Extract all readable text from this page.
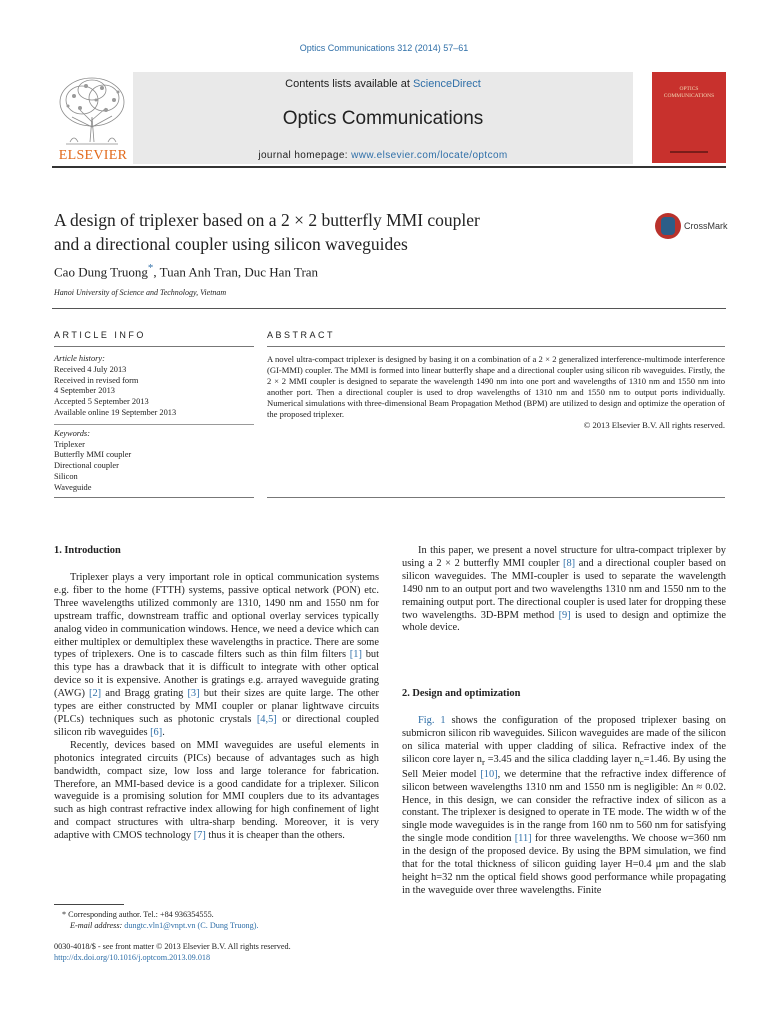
Optics Communications 312 (2014) 57–61
ELSEVIER
Contents lists available at ScienceDirect
Optics Communications
journal homepage: www.elsevier.com/locate/optcom
OPTICS
COMMUNICATIONS
A design of triplexer based on a 2 × 2 butterfly MMI coupler
and a directional coupler using silicon waveguides
CrossMark
Cao Dung Truong*, Tuan Anh Tran, Duc Han Tran
Hanoi University of Science and Technology, Vietnam
ARTICLE INFO
Article history:
Received 4 July 2013
Received in revised form
4 September 2013
Accepted 5 September 2013
Available online 19 September 2013
Keywords:
Triplexer
Butterfly MMI coupler
Directional coupler
Silicon
Waveguide
ABSTRACT
A novel ultra-compact triplexer is designed by basing it on a combination of a 2 × 2 generalized interference-multimode interference (GI-MMI) coupler. The MMI is formed into linear butterfly shape and a directional coupler using silicon rib waveguides. Firstly, the 2 × 2 MMI coupler is designed to separate the wavelength 1490 nm into one port and wavelengths of 1310 nm and 1550 nm into another port. Then a directional coupler is used to drop wavelengths of 1310 nm and 1550 nm to output ports individually. Numerical simulations with three-dimensional Beam Propagation Method (BPM) are utilized to design and optimize the operation of the proposed triplexer.
© 2013 Elsevier B.V. All rights reserved.
1. Introduction

Triplexer plays a very important role in optical communication systems e.g. fiber to the home (FTTH) systems, passive optical network (PON) etc. Three wavelengths utilized commonly are 1310, 1490 nm and 1550 nm for upstream traffic, downstream traffic and optional overlay services typically analog video in communication windows. Hence, we need a device which can either multiplex or demultiplex these wavelengths in practice. There are some types of triplexers. One is to cascade filters such as thin film filters [1] but this type has a drawback that it is difficult to integrate with other optical device so it is expensive. Another is gratings e.g. arrayed waveguide grating (AWG) [2] and Bragg grating [3] but their sizes are quite large. The other types are either constructed by MMI coupler or planar lightwave circuits (PLCs) techniques such as photonic crystals [4,5] or directional coupled silicon rib waveguides [6].

Recently, devices based on MMI waveguides are useful elements in photonics integrated circuits (PICs) because of advantages such as high bandwidth, compact size, low loss and large tolerance for fabrication. Therefore, an MMI-based device is a good candidate for a triplexer. Silicon waveguide is a promising solution for MMI couplers due to its advantages such as high contrast refractive index allowing for high confinement of light and compact structures with ultra-sharp bending. Moreover, it is very adaptive with CMOS technology [7] thus it is cheaper than the others.

In this paper, we present a novel structure for ultra-compact triplexer by using a 2 × 2 butterfly MMI coupler [8] and a directional coupler based on silicon waveguides. The MMI-coupler is used to separate the wavelength 1490 nm to an output port and two wavelengths 1310 nm and 1550 nm to the remaining output port. The directional coupler is used later for dropping these two wavelengths. 3D-BPM method [9] is used to design and optimize the whole device.

2. Design and optimization

Fig. 1 shows the configuration of the proposed triplexer basing on submicron silicon rib waveguides. Silicon waveguides are made of the silicon on silica material with upper cladding of silica. Refractive index of the silicon core layer $n_r =3.45$ and the silica cladding layer $n_c=1.46$. By using the Sell Meier model [10], we determine that the refractive index difference of silicon between wavelengths 1310 nm and 1550 nm is negligible: Δn ≈ 0.02. Hence, in this design, we can consider the refractive index of silicon as a constant. The triplexer is designed to operate in TE mode. The width w of the single mode waveguides is in the range from 160 nm to 560 nm for satisfying the single mode condition [11] for three wavelengths. We choose w=360 nm in the design of the proposed device. By using the BPM simulation, we find that for the total thickness of silicon guiding layer H=0.4 μm and the slab height h=32 nm the optical field shows good performance while propagating in the waveguide over three wavelengths. Finite

* Corresponding author. Tel.: +84 936354555.
E-mail address: dungtc.vln1@vnpt.vn (C. Dung Truong).
0030-4018/$ - see front matter © 2013 Elsevier B.V. All rights reserved.
http://dx.doi.org/10.1016/j.optcom.2013.09.018
